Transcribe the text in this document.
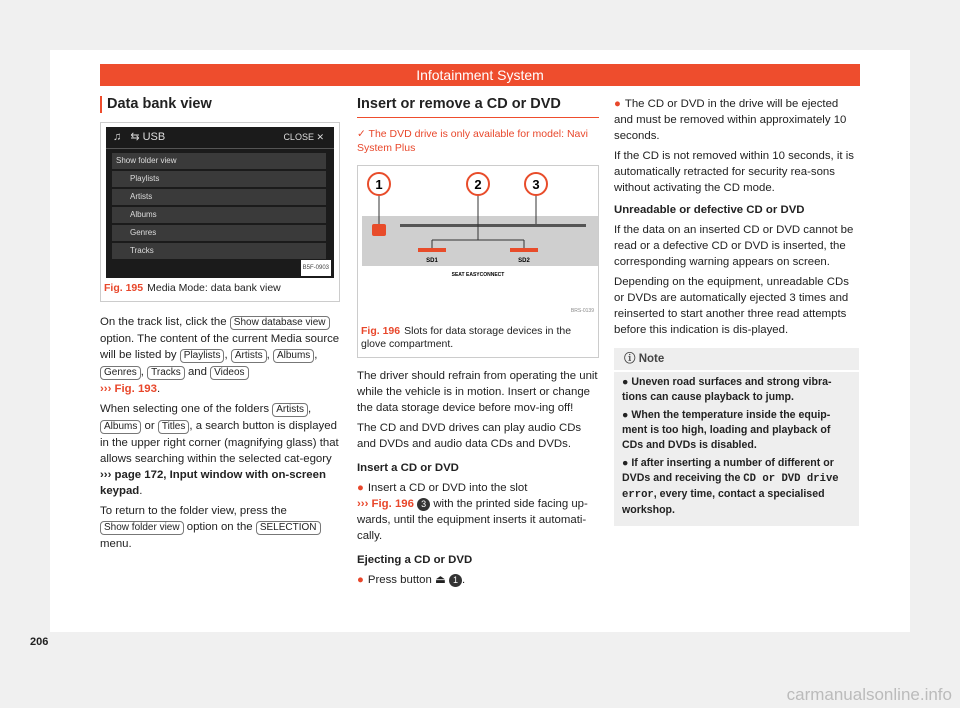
Infotainment System
Data bank view
♫ ⇆ USB	CLOSE ✕
Show folder view
Playlists
Artists
Albums
Genres
Tracks
B5F-0903
Fig. 195 Media Mode: data bank view

On the track list, click the Show database view option. The content of the current Media source will be listed by Playlists , Artists , Albums , Genres , Tracks and Videos
››› Fig. 193.

When selecting one of the folders Artists , Albums or Titles , a search button is displayed in the upper right corner (magnifying glass) that allows searching within the selected cat-egory ››› page 172, Input window with on-screen keypad.

To return to the folder view, press the Show folder view option on the SELECTION menu.

Insert or remove a CD or DVD

✓ The DVD drive is only available for model: Navi System Plus

1	2	3
SD1	SD2
SEAT EASYCONNECT
BRS-0139
Fig. 196 Slots for data storage devices in the glove compartment.

The driver should refrain from operating the unit while the vehicle is in motion. Insert or change the data storage device before mov-ing off!

The CD and DVD drives can play audio CDs and DVDs and audio data CDs and DVDs.

Insert a CD or DVD

● Insert a CD or DVD into the slot
››› Fig. 196 3 with the printed side facing up-wards, until the equipment inserts it automati-cally.

Ejecting a CD or DVD

● Press button ⏏ 1 .

● The CD or DVD in the drive will be ejected and must be removed within approximately 10 seconds.

If the CD is not removed within 10 seconds, it is automatically retracted for security rea-sons without activating the CD mode.

Unreadable or defective CD or DVD

If the data on an inserted CD or DVD cannot be read or a defective CD or DVD is inserted, the corresponding warning appears on screen.

Depending on the equipment, unreadable CDs or DVDs are automatically ejected 3 times and reinserted to start another three read attempts before this indication is dis-played.

ⓘ Note
● Uneven road surfaces and strong vibra-tions can cause playback to jump.
● When the temperature inside the equip-ment is too high, loading and playback of CDs and DVDs is disabled.
● If after inserting a number of different or DVDs and receiving the CD or DVD drive error, every time, contact a specialised workshop.
206
carmanualsonline.info
